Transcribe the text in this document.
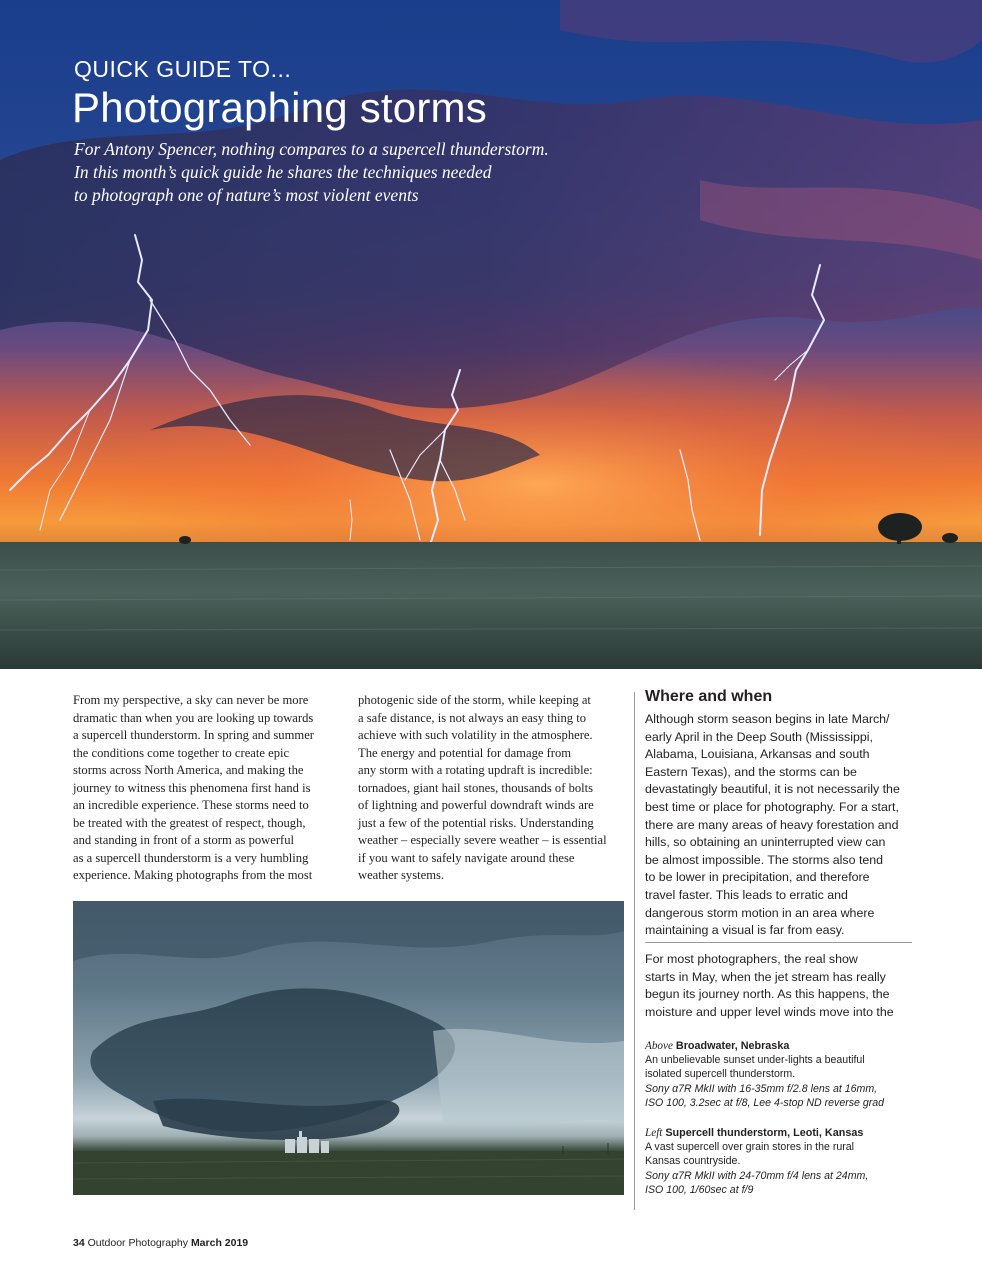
QUICK GUIDE TO...
Photographing storms
For Antony Spencer, nothing compares to a supercell thunderstorm.
In this month’s quick guide he shares the techniques needed
to photograph one of nature’s most violent events
From my perspective, a sky can never be more
dramatic than when you are looking up towards
a supercell thunderstorm. In spring and summer
the conditions come together to create epic
storms across North America, and making the
journey to witness this phenomena first hand is
an incredible experience. These storms need to
be treated with the greatest of respect, though,
and standing in front of a storm as powerful
as a supercell thunderstorm is a very humbling
experience. Making photographs from the most
photogenic side of the storm, while keeping at
a safe distance, is not always an easy thing to
achieve with such volatility in the atmosphere.
The energy and potential for damage from
any storm with a rotating updraft is incredible:
tornadoes, giant hail stones, thousands of bolts
of lightning and powerful downdraft winds are
just a few of the potential risks. Understanding
weather – especially severe weather – is essential
if you want to safely navigate around these
weather systems.
Where and when
Although storm season begins in late March/
early April in the Deep South (Mississippi,
Alabama, Louisiana, Arkansas and south
Eastern Texas), and the storms can be
devastatingly beautiful, it is not necessarily the
best time or place for photography. For a start,
there are many areas of heavy forestation and
hills, so obtaining an uninterrupted view can
be almost impossible. The storms also tend
to be lower in precipitation, and therefore
travel faster. This leads to erratic and
dangerous storm motion in an area where
maintaining a visual is far from easy.
For most photographers, the real show
starts in May, when the jet stream has really
begun its journey north. As this happens, the
moisture and upper level winds move into the
Above Broadwater, Nebraska
An unbelievable sunset under-lights a beautiful
isolated supercell thunderstorm.
Sony α7R MkII with 16-35mm f/2.8 lens at 16mm,
ISO 100, 3.2sec at f/8, Lee 4-stop ND reverse grad
Left Supercell thunderstorm, Leoti, Kansas
A vast supercell over grain stores in the rural
Kansas countryside.
Sony α7R MkII with 24-70mm f/4 lens at 24mm,
ISO 100, 1/60sec at f/9
34 Outdoor Photography March 2019
